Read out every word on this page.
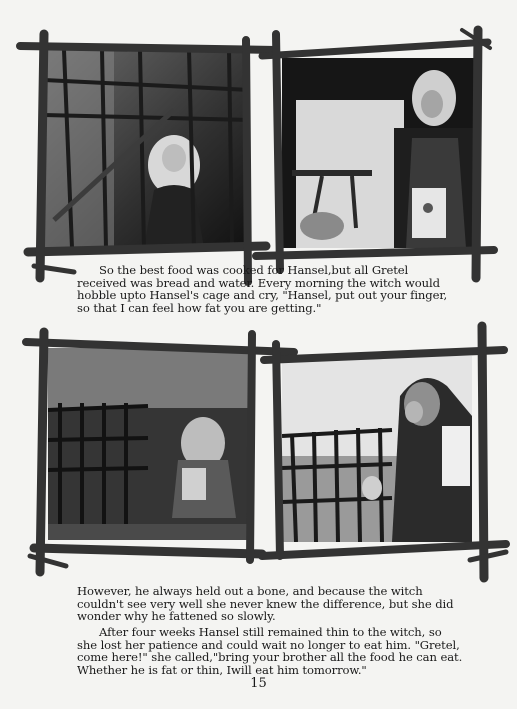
So the best food was cooked for Hansel,but all Gretel received was bread and water. Every morning the witch would hobble upto Hansel's cage and cry, "Hansel, put out your finger, so that I can feel how fat you are getting."

However, he always held out a bone, and because the witch couldn't see very well she never knew the difference, but she did wonder why he fattened so slowly.

After four weeks Hansel still remained thin to the witch, so she lost her patience and could wait no longer to eat him. "Gretel, come here!" she called,"bring your brother all the food he can eat. Whether he is fat or thin, Iwill eat him tomorrow."

15
